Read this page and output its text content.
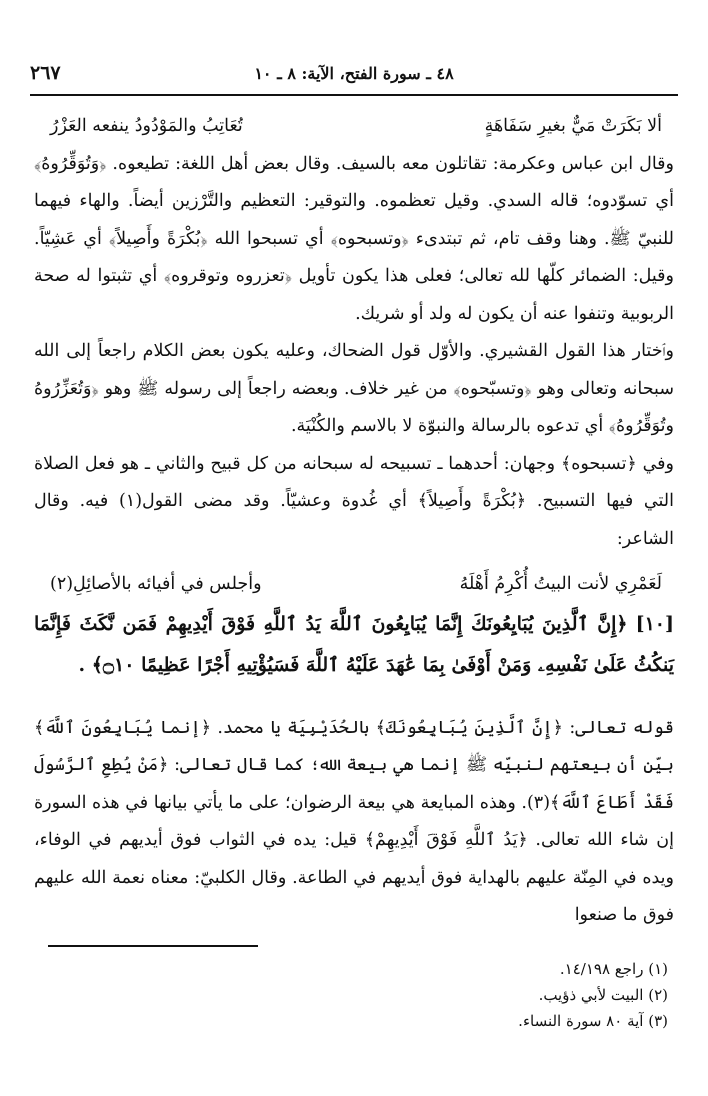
٤٨ ـ سورة الفتح، الآية: ٨ ـ ١٠
٢٦٧
ألا بَكَرَتْ مَيٌّ بغيرِ سَفَاهَةٍ
تُعَاتِبُ والمَوْدُودُ ينفعه العَزْرُ

وقال ابن عباس وعكرمة: تقاتلون معه بالسيف. وقال بعض أهل اللغة: تطيعوه. ﴿وَتُوَقِّرُوهُ﴾ أي تسوّدوه؛ قاله السدي. وقيل تعظموه. والتوقير: التعظيم والتَّرْزين أيضاً. والهاء فيهما للنبيّ ﷺ. وهنا وقف تام، ثم تبتدىء ﴿وتسبحوه﴾ أي تسبحوا الله ﴿بُكْرَةً وأَصِيلاً﴾ أي عَشِيّاً. وقيل: الضمائر كلّها لله تعالى؛ فعلى هذا يكون تأويل ﴿تعزروه وتوقروه﴾ أي تثبتوا له صحة الربوبية وتنفوا عنه أن يكون له ولد أو شريك.

وٱختار هذا القول القشيري. والأوّل قول الضحاك، وعليه يكون بعض الكلام راجعاً إلى الله سبحانه وتعالى وهو ﴿وتسبّحوه﴾ من غير خلاف. وبعضه راجعاً إلى رسوله ﷺ وهو ﴿وَتُعَزِّرُوهُ وتُوَقِّرُوهُ﴾ أي تدعوه بالرسالة والنبوّة لا بالاسم والكُنْيَة.

وفي ﴿تسبحوه﴾ وجهان: أحدهما ـ تسبيحه له سبحانه من كل قبيح والثاني ـ هو فعل الصلاة التي فيها التسبيح. ﴿بُكْرَةً وأَصِيلاً﴾ أي غُدوة وعشيّاً. وقد مضى القول(١) فيه. وقال الشاعر:

لَعَمْرِي لأنت البيتُ أُكْرِمُ أَهْلَهُ
وأجلس في أفيائه بالأصائِلِ(٢)

[١٠]﴿إِنَّ ٱلَّذِينَ يُبَايِعُونَكَ إِنَّمَا يُبَايِعُونَ ٱللَّهَ يَدُ ٱللَّهِ فَوْقَ أَيْدِيهِمْ فَمَن نَّكَثَ فَإِنَّمَا يَنكُثُ عَلَىٰ نَفْسِهِۦ وَمَنْ أَوْفَىٰ بِمَا عَٰهَدَ عَلَيْهُ ٱللَّهَ فَسَيُؤْتِيهِ أَجْرًا عَظِيمًا ۝١٠﴾ .

قوله تعالى: ﴿إِنَّ ٱلَّذِينَ يُبَايِعُونَكَ﴾ بالحُدَيْبِيَة يا محمد. ﴿إنما يُبَايِعُونَ ٱللَّهَ﴾ بيّن أن بيعتهم لنبيّه ﷺ إنما هي بيعة الله؛ كما قال تعالى: ﴿مَنْ يُطِعِ ٱلرَّسُولَ فَقَدْ أَطَاعَ ٱللَّهَ﴾(٣). وهذه المبايعة هي بيعة الرضوان؛ على ما يأتي بيانها في هذه السورة إن شاء الله تعالى. ﴿يَدُ ٱللَّهِ فَوْقَ أَيْدِيهِمْ﴾ قيل: يده في الثواب فوق أيديهم في الوفاء، ويده في المِنّة عليهم بالهداية فوق أيديهم في الطاعة. وقال الكلبيّ: معناه نعمة الله عليهم فوق ما صنعوا

(١) راجع ١٤/١٩٨.
(٢) البيت لأبي ذؤيب.
(٣) آية ٨٠ سورة النساء.
